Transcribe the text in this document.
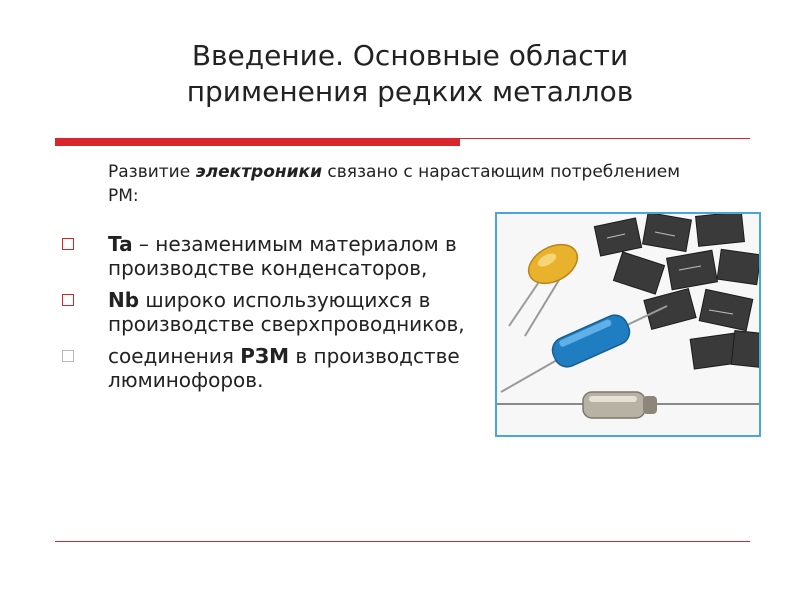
Введение. Основные области
применения редких металлов
Развитие электроники связано с нарастающим потреблением РМ:
Ta – незаменимым материалом в производстве конденсаторов,
Nb широко использующихся в производстве сверхпроводников,
соединения РЗМ в производстве люминофоров.
